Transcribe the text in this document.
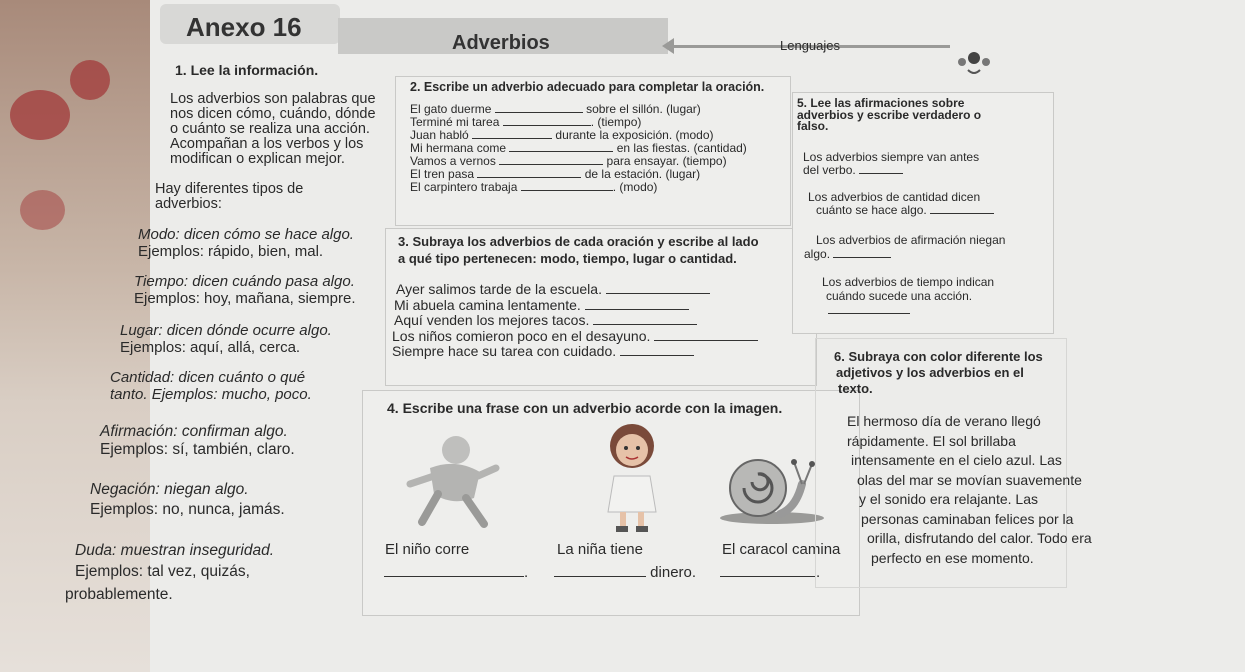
Anexo 16
Adverbios	Lenguajes
1. Lee la información.
Los adverbios son palabras que
nos dicen cómo, cuándo, dónde
o cuánto se realiza una acción.
Acompañan a los verbos y los
modifican o explican mejor.
Hay diferentes tipos de
adverbios:
Modo: dicen cómo se hace algo.
Ejemplos: rápido, bien, mal.
Tiempo: dicen cuándo pasa algo.
Ejemplos: hoy, mañana, siempre.
Lugar: dicen dónde ocurre algo.
Ejemplos: aquí, allá, cerca.
Cantidad: dicen cuánto o qué
tanto. Ejemplos: mucho, poco.
Afirmación: confirman algo.
Ejemplos: sí, también, claro.
Negación: niegan algo.
Ejemplos: no, nunca, jamás.
Duda: muestran inseguridad.
Ejemplos: tal vez, quizás,
probablemente.
2. Escribe un adverbio adecuado para completar la oración.
El gato duerme	sobre el sillón. (lugar)
Terminé mi tarea	. (tiempo)
Juan habló	durante la exposición. (modo)
Mi hermana come	en las fiestas. (cantidad)
Vamos a vernos	para ensayar. (tiempo)
El tren pasa	de la estación. (lugar)
El carpintero trabaja	. (modo)
3. Subraya los adverbios de cada oración y escribe al lado
a qué tipo pertenecen: modo, tiempo, lugar o cantidad.
Ayer salimos tarde de la escuela.
Mi abuela camina lentamente.
Aquí venden los mejores tacos.
Los niños comieron poco en el desayuno.
Siempre hace su tarea con cuidado.
4. Escribe una frase con un adverbio acorde con la imagen.
El niño corre	La niña tiene	El caracol camina
.	dinero.	.
5. Lee las afirmaciones sobre
adverbios y escribe verdadero o
falso.
Los adverbios siempre van antes
del verbo.
Los adverbios de cantidad dicen
cuánto se hace algo.
Los adverbios de afirmación niegan
algo.
Los adverbios de tiempo indican
cuándo sucede una acción.
6. Subraya con color diferente los
adjetivos y los adverbios en el
texto.
El hermoso día de verano llegó
rápidamente. El sol brillaba
intensamente en el cielo azul. Las
olas del mar se movían suavemente
y el sonido era relajante. Las
personas caminaban felices por la
orilla, disfrutando del calor. Todo era
perfecto en ese momento.
